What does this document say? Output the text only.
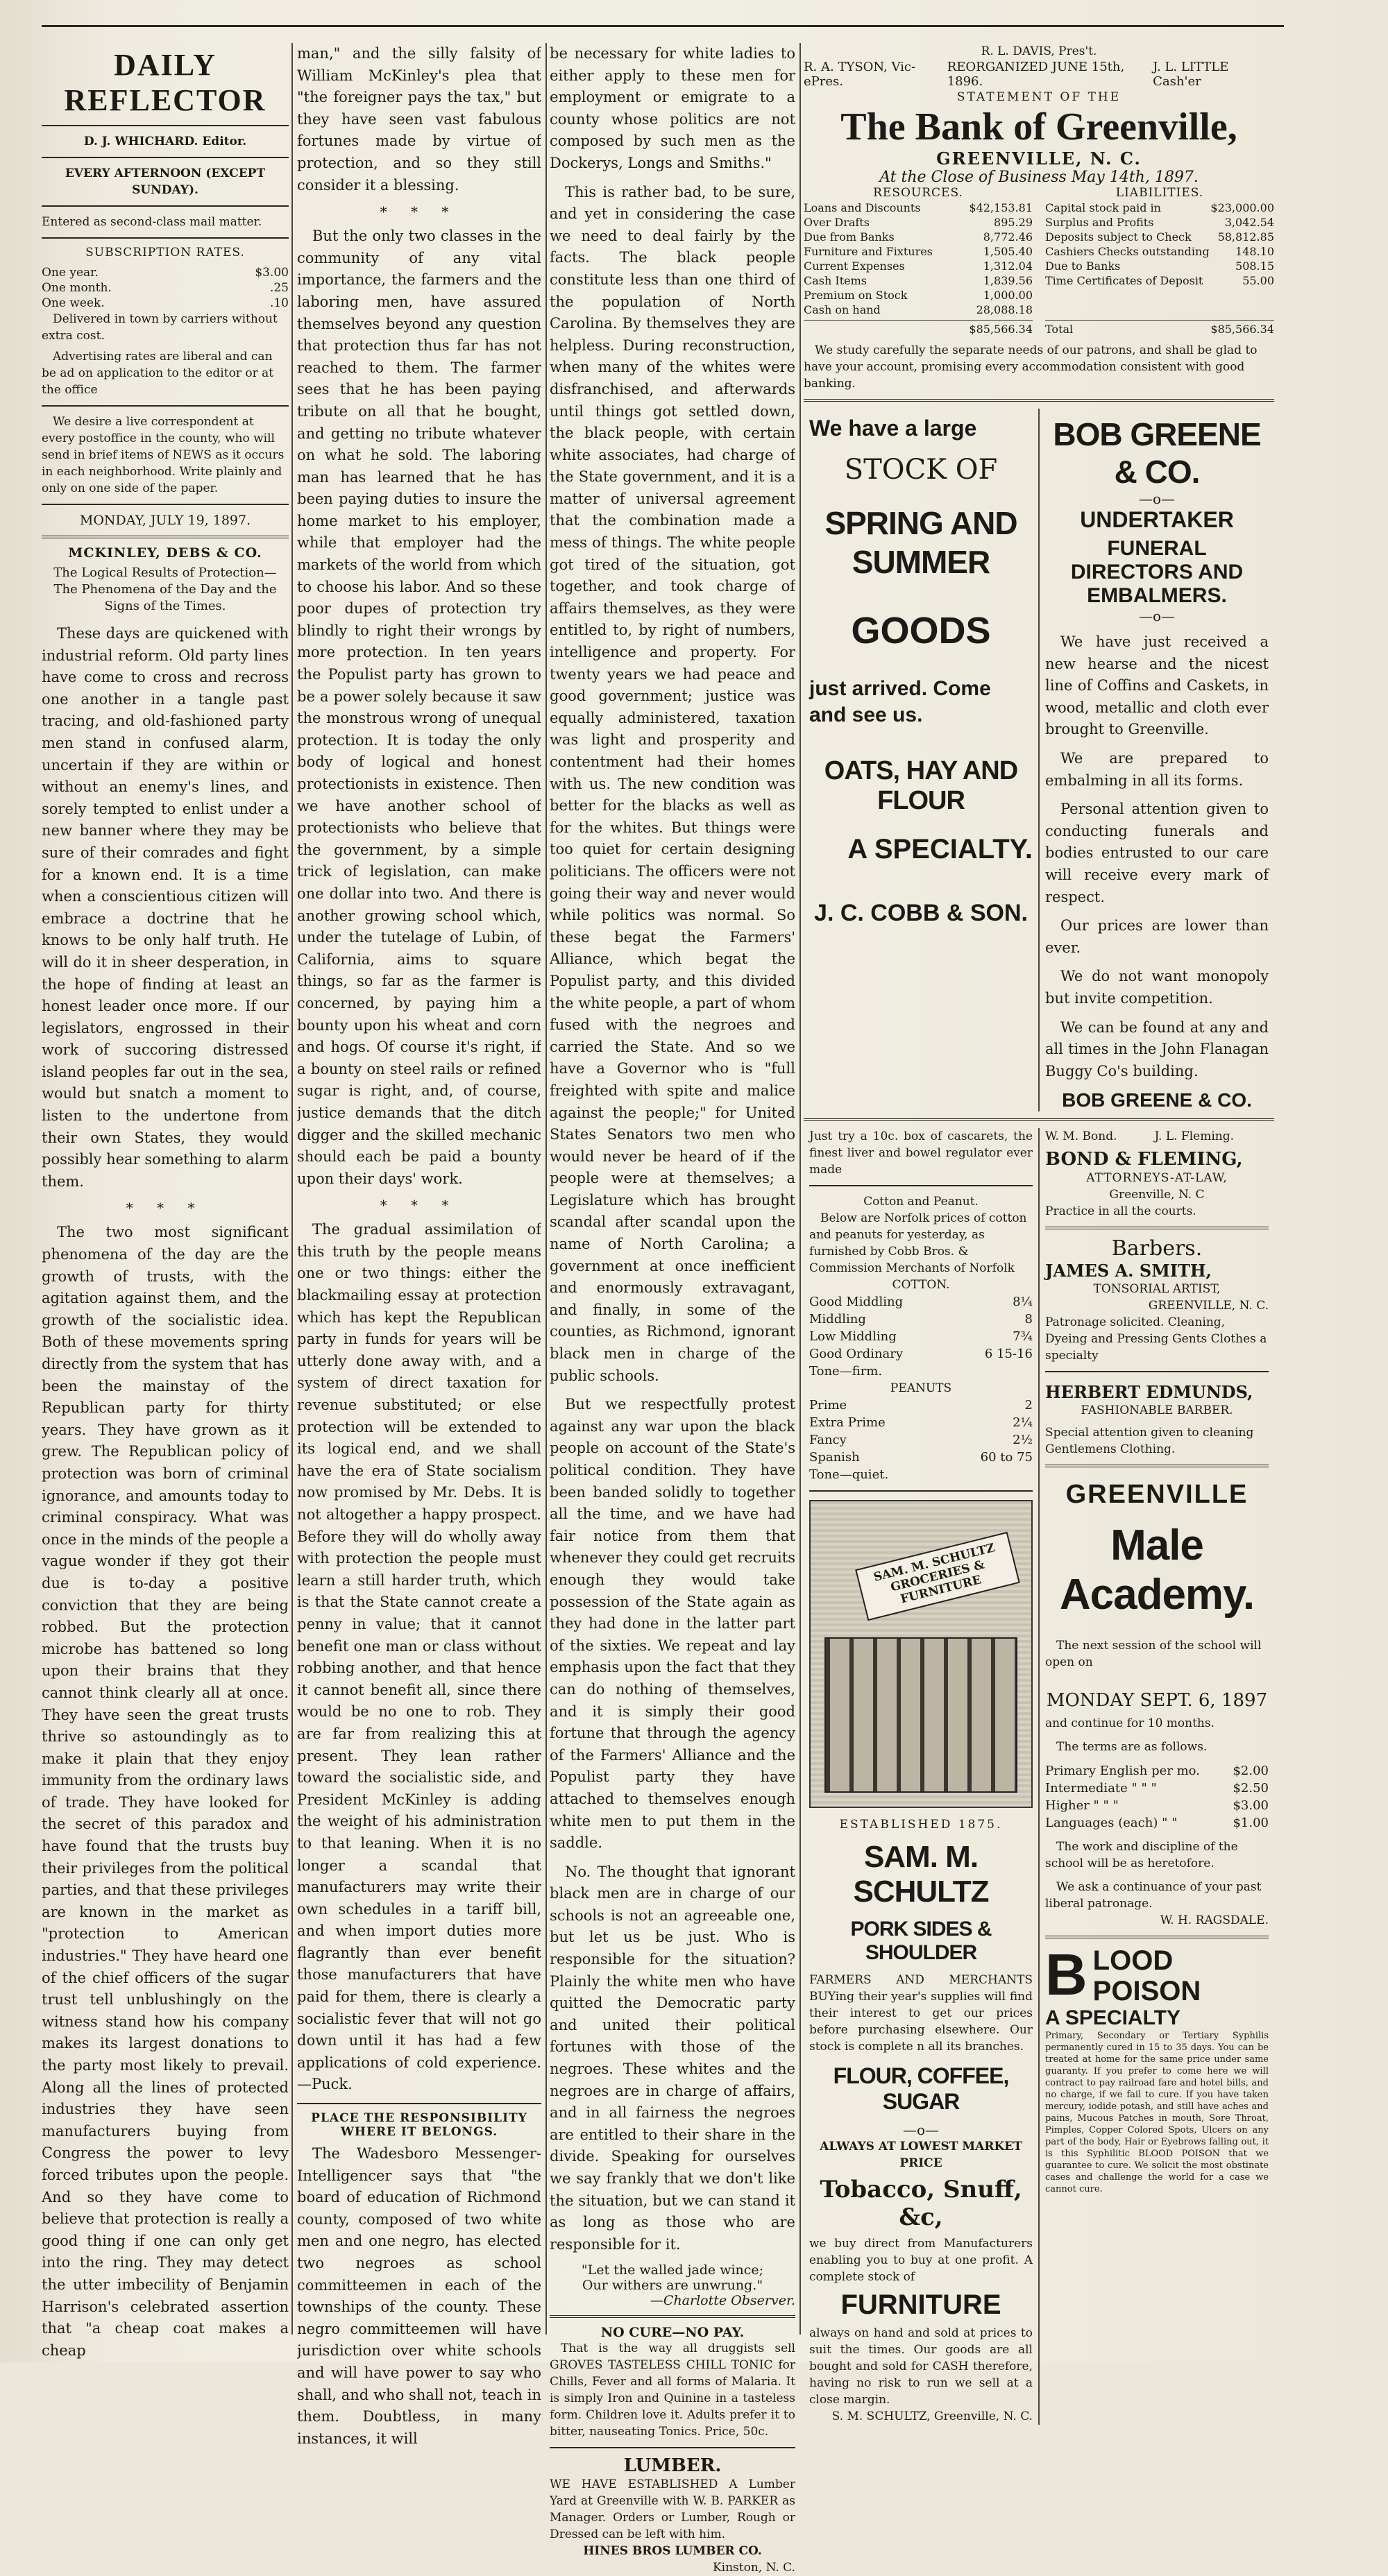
DAILY REFLECTOR
D. J. WHICHARD. Editor.
EVERY AFTERNOON (EXCEPT SUNDAY).
Entered as second-class mail matter.
SUBSCRIPTION RATES.
One year.	$3.00
One month.	.25
One week.	.10
Delivered in town by carriers without extra cost.
Advertising rates are liberal and can be ad on application to the editor or at the office
We desire a live correspondent at every postoffice in the county, who will send in brief items of NEWS as it occurs in each neighborhood. Write plainly and only on one side of the paper.
MONDAY, JULY 19, 1897.
MCKINLEY, DEBS & CO.
The Logical Results of Protection— The Phenomena of the Day and the Signs of the Times.

These days are quickened with industrial reform. Old party lines have come to cross and recross one another in a tangle past tracing, and old-fashioned party men stand in confused alarm, uncertain if they are within or without an enemy's lines, and sorely tempted to enlist under a new banner where they may be sure of their comrades and fight for a known end. It is a time when a conscientious citizen will embrace a doctrine that he knows to be only half truth. He will do it in sheer desperation, in the hope of finding at least an honest leader once more. If our legislators, engrossed in their work of succoring distressed island peoples far out in the sea, would but snatch a moment to listen to the undertone from their own States, they would possibly hear something to alarm them.

* * *

The two most significant phenomena of the day are the growth of trusts, with the agitation against them, and the growth of the socialistic idea. Both of these movements spring directly from the system that has been the mainstay of the Republican party for thirty years. They have grown as it grew. The Republican policy of protection was born of criminal ignorance, and amounts today to criminal conspiracy. What was once in the minds of the people a vague wonder if they got their due is to-day a positive conviction that they are being robbed. But the protection microbe has battened so long upon their brains that they cannot think clearly all at once. They have seen the great trusts thrive so astoundingly as to make it plain that they enjoy immunity from the ordinary laws of trade. They have looked for the secret of this paradox and have found that the trusts buy their privileges from the political parties, and that these privileges are known in the market as "protection to American industries." They have heard one of the chief officers of the sugar trust tell unblushingly on the witness stand how his company makes its largest donations to the party most likely to prevail. Along all the lines of protected industries they have seen manufacturers buying from Congress the power to levy forced tributes upon the people. And so they have come to believe that protection is really a good thing if one can only get into the ring. They may detect the utter imbecility of Benjamin Harrison's celebrated assertion that "a cheap coat makes a cheap

man," and the silly falsity of William McKinley's plea that "the foreigner pays the tax," but they have seen vast fabulous fortunes made by virtue of protection, and so they still consider it a blessing.

* * *

But the only two classes in the community of any vital importance, the farmers and the laboring men, have assured themselves beyond any question that protection thus far has not reached to them. The farmer sees that he has been paying tribute on all that he bought, and getting no tribute whatever on what he sold. The laboring man has learned that he has been paying duties to insure the home market to his employer, while that employer had the markets of the world from which to choose his labor. And so these poor dupes of protection try blindly to right their wrongs by more protection. In ten years the Populist party has grown to be a power solely because it saw the monstrous wrong of unequal protection. It is today the only body of logical and honest protectionists in existence. Then we have another school of protectionists who believe that the government, by a simple trick of legislation, can make one dollar into two. And there is another growing school which, under the tutelage of Lubin, of California, aims to square things, so far as the farmer is concerned, by paying him a bounty upon his wheat and corn and hogs. Of course it's right, if a bounty on steel rails or refined sugar is right, and, of course, justice demands that the ditch digger and the skilled mechanic should each be paid a bounty upon their days' work.

* * *

The gradual assimilation of this truth by the people means one or two things: either the blackmailing essay at protection which has kept the Republican party in funds for years will be utterly done away with, and a system of direct taxation for revenue substituted; or else protection will be extended to its logical end, and we shall have the era of State socialism now promised by Mr. Debs. It is not altogether a happy prospect. Before they will do wholly away with protection the people must learn a still harder truth, which is that the State cannot create a penny in value; that it cannot benefit one man or class without robbing another, and that hence it cannot benefit all, since there would be no one to rob. They are far from realizing this at present. They lean rather toward the socialistic side, and President McKinley is adding the weight of his administration to that leaning. When it is no longer a scandal that manufacturers may write their own schedules in a tariff bill, and when import duties more flagrantly than ever benefit those manufacturers that have paid for them, there is clearly a socialistic fever that will not go down until it has had a few applications of cold experience.—Puck.

PLACE THE RESPONSIBILITY WHERE IT BELONGS.

The Wadesboro Messenger-Intelligencer says that "the board of education of Richmond county, composed of two white men and one negro, has elected two negroes as school committeemen in each of the townships of the county. These negro committeemen will have jurisdiction over white schools and will have power to say who shall, and who shall not, teach in them. Doubtless, in many instances, it will

be necessary for white ladies to either apply to these men for employment or emigrate to a county whose politics are not composed by such men as the Dockerys, Longs and Smiths."

This is rather bad, to be sure, and yet in considering the case we need to deal fairly by the facts. The black people constitute less than one third of the population of North Carolina. By themselves they are helpless. During reconstruction, when many of the whites were disfranchised, and afterwards until things got settled down, the black people, with certain white associates, had charge of the State government, and it is a matter of universal agreement that the combination made a mess of things. The white people got tired of the situation, got together, and took charge of affairs themselves, as they were entitled to, by right of numbers, intelligence and property. For twenty years we had peace and good government; justice was equally administered, taxation was light and prosperity and contentment had their homes with us. The new condition was better for the blacks as well as for the whites. But things were too quiet for certain designing politicians. The officers were not going their way and never would while politics was normal. So these begat the Farmers' Alliance, which begat the Populist party, and this divided the white people, a part of whom fused with the negroes and carried the State. And so we have a Governor who is "full freighted with spite and malice against the people;" for United States Senators two men who would never be heard of if the people were at themselves; a Legislature which has brought scandal after scandal upon the name of North Carolina; a government at once inefficient and enormously extravagant, and finally, in some of the counties, as Richmond, ignorant black men in charge of the public schools.

But we respectfully protest against any war upon the black people on account of the State's political condition. They have been banded solidly to together all the time, and we have had fair notice from them that whenever they could get recruits enough they would take possession of the State again as they had done in the latter part of the sixties. We repeat and lay emphasis upon the fact that they can do nothing of themselves, and it is simply their good fortune that through the agency of the Farmers' Alliance and the Populist party they have attached to themselves enough white men to put them in the saddle.

No. The thought that ignorant black men are in charge of our schools is not an agreeable one, but let us be just. Who is responsible for the situation? Plainly the white men who have quitted the Democratic party and united their political fortunes with those of the negroes. These whites and the negroes are in charge of affairs, and in all fairness the negroes are entitled to their share in the divide. Speaking for ourselves we say frankly that we don't like the situation, but we can stand it as long as those who are responsible for it.

"Let the walled jade wince;
Our withers are unwrung."
—Charlotte Observer.
NO CURE—NO PAY.
That is the way all druggists sell GROVES TASTELESS CHILL TONIC for Chills, Fever and all forms of Malaria. It is simply Iron and Quinine in a tasteless form. Children love it. Adults prefer it to bitter, nauseating Tonics. Price, 50c.
LUMBER.
WE HAVE ESTABLISHED A Lumber Yard at Greenville with W. B. PARKER as Manager. Orders or Lumber, Rough or Dressed can be left with him.
HINES BROS LUMBER CO.
Kinston, N. C.
R. L. DAVIS, Pres't.
R. A. TYSON, Vic-ePres.
REORGANIZED JUNE 15th, 1896.
J. L. LITTLE Cash'er
STATEMENT OF THE
The Bank of Greenville,
GREENVILLE, N. C.
At the Close of Business May 14th, 1897.
RESOURCES.
Loans and Discounts	$42,153.81
Over Drafts	895.29
Due from Banks	8,772.46
Furniture and Fixtures	1,505.40
Current Expenses	1,312.04
Cash Items	1,839.56
Premium on Stock	1,000.00
Cash on hand	28,088.18
$85,566.34
LIABILITIES.
Capital stock paid in	$23,000.00
Surplus and Profits	3,042.54
Deposits subject to Check 58,812.85
Cashiers Checks outstanding 148.10
Due to Banks	508.15
Time Certificates of Deposit	55.00
Total	$85,566.34
We study carefully the separate needs of our patrons, and shall be glad to have your account, promising every accommodation consistent with good banking.
We have a large
STOCK OF
SPRING AND SUMMER
GOODS
just arrived. Come and see us.
OATS, HAY AND FLOUR
A SPECIALTY.
J. C. COBB & SON.
BOB GREENE & CO.
—o—
UNDERTAKER
FUNERAL DIRECTORS AND
EMBALMERS.
—o—

We have just received a new hearse and the nicest line of Coffins and Caskets, in wood, metallic and cloth ever brought to Greenville.

We are prepared to embalming in all its forms.

Personal attention given to conducting funerals and bodies entrusted to our care will receive every mark of respect.

Our prices are lower than ever.

We do not want monopoly but invite competition.

We can be found at any and all times in the John Flanagan Buggy Co's building.

BOB GREENE & CO.
Just try a 10c. box of cascarets, the finest liver and bowel regulator ever made
Cotton and Peanut.
Below are Norfolk prices of cotton and peanuts for yesterday, as furnished by Cobb Bros. & Commission Merchants of Norfolk
COTTON.
Good Middling	8¼
Middling	8
Low Middling	7¾
Good Ordinary	6 15-16
Tone—firm.
PEANUTS
Prime	2
Extra Prime	2¼
Fancy	2½
Spanish	60 to 75
Tone—quiet.
SAM. M. SCHULTZ GROCERIES & FURNITURE
ESTABLISHED 1875.
SAM. M. SCHULTZ
PORK SIDES & SHOULDER
FARMERS AND MERCHANTS BUYing their year's supplies will find their interest to get our prices before purchasing elsewhere. Our stock is complete n all its branches.
FLOUR, COFFEE, SUGAR
—o—
ALWAYS AT LOWEST MARKET PRICE
Tobacco, Snuff, &c,
we buy direct from Manufacturers enabling you to buy at one profit. A complete stock of
FURNITURE
always on hand and sold at prices to suit the times. Our goods are all bought and sold for CASH therefore, having no risk to run we sell at a close margin.
S. M. SCHULTZ, Greenville, N. C.
W. M. Bond.          J. L. Fleming.
BOND & FLEMING,
ATTORNEYS-AT-LAW,
Greenville, N. C
Practice in all the courts.
Barbers.
JAMES A. SMITH,
TONSORIAL ARTIST,
GREENVILLE, N. C.
Patronage solicited. Cleaning, Dyeing and Pressing Gents Clothes a specialty
HERBERT EDMUNDS,
FASHIONABLE BARBER.
Special attention given to cleaning Gentlemens Clothing.
GREENVILLE
Male Academy.
The next session of the school will open on
MONDAY SEPT. 6, 1897
and continue for 10 months.
The terms are as follows.
Primary English per mo.	$2.00
Intermediate " " "	$2.50
Higher " " "	$3.00
Languages (each) " "	$1.00
The work and discipline of the school will be as heretofore.
We ask a continuance of your past liberal patronage.
W. H. RAGSDALE.
B LOOD POISON
A SPECIALTY
Primary, Secondary or Tertiary Syphilis permanently cured in 15 to 35 days. You can be treated at home for the same price under same guaranty. If you prefer to come here we will contract to pay railroad fare and hotel bills, and no charge, if we fail to cure. If you have taken mercury, iodide potash, and still have aches and pains, Mucous Patches in mouth, Sore Throat, Pimples, Copper Colored Spots, Ulcers on any part of the body, Hair or Eyebrows falling out, it is this Syphilitic BLOOD POISON that we guarantee to cure. We solicit the most obstinate cases and challenge the world for a case we cannot cure.
